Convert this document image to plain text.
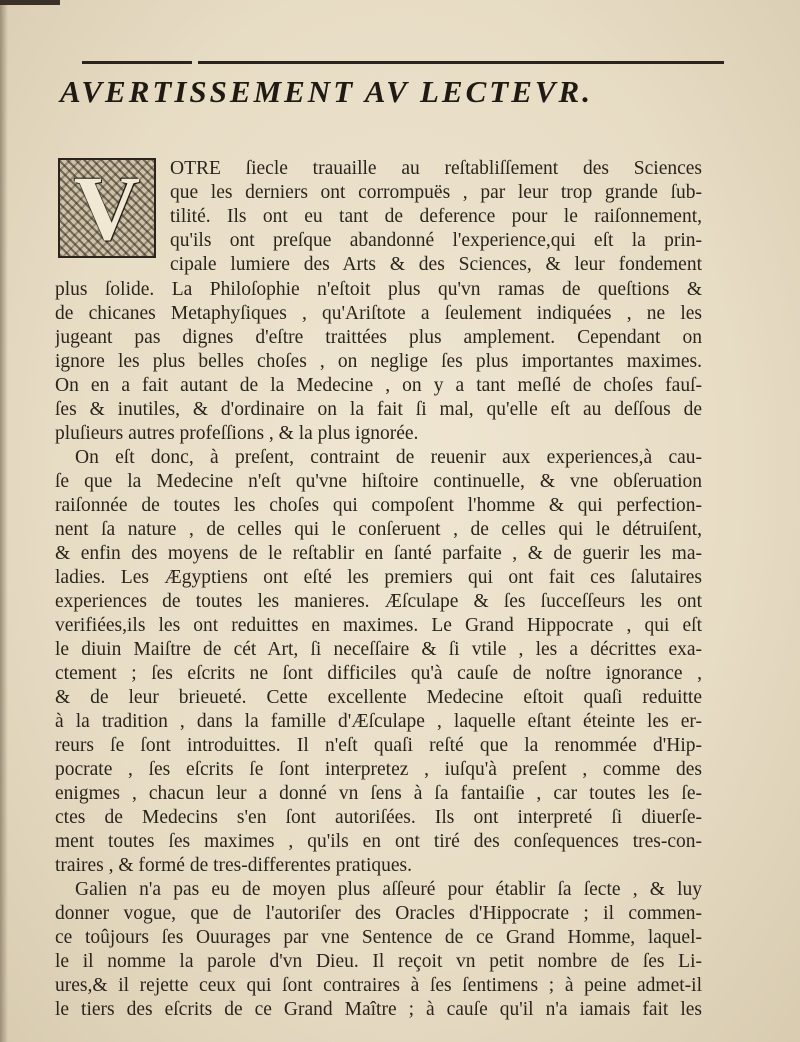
AVERTISSEMENT AV LECTEVR.
V	OTRE ſiecle trauaille au reſtabliſſement des Sciences
que les derniers ont corrompuës , par leur trop grande ſub-
tilité. Ils ont eu tant de deference pour le raiſonnement,
qu'ils ont preſque abandonné l'experience,qui eſt la prin-
cipale lumiere des Arts & des Sciences, & leur fondement
plus ſolide. La Philoſophie n'eſtoit plus qu'vn ramas de queſtions &
de chicanes Metaphyſiques , qu'Ariſtote a ſeulement indiquées , ne les
jugeant pas dignes d'eſtre traittées plus amplement. Cependant on
ignore les plus belles choſes , on neglige ſes plus importantes maximes.
On en a fait autant de la Medecine , on y a tant meſlé de choſes fauſ-
ſes & inutiles, & d'ordinaire on la fait ſi mal, qu'elle eſt au deſſous de
pluſieurs autres profeſſions , & la plus ignorée.
On eſt donc, à preſent, contraint de reuenir aux experiences,à cau-
ſe que la Medecine n'eſt qu'vne hiſtoire continuelle, & vne obſeruation
raiſonnée de toutes les choſes qui compoſent l'homme & qui perfection-
nent ſa nature , de celles qui le conſeruent , de celles qui le détruiſent,
& enfin des moyens de le reſtablir en ſanté parfaite , & de guerir les ma-
ladies. Les Ægyptiens ont eſté les premiers qui ont fait ces ſalutaires
experiences de toutes les manieres. Æſculape & ſes ſucceſſeurs les ont
verifiées,ils les ont reduittes en maximes. Le Grand Hippocrate , qui eſt
le diuin Maiſtre de cét Art, ſi neceſſaire & ſi vtile , les a décrittes exa-
ctement ; ſes eſcrits ne ſont difficiles qu'à cauſe de noſtre ignorance ,
& de leur brieueté. Cette excellente Medecine eſtoit quaſi reduitte
à la tradition , dans la famille d'Æſculape , laquelle eſtant éteinte les er-
reurs ſe ſont introduittes. Il n'eſt quaſi reſté que la renommée d'Hip-
pocrate , ſes eſcrits ſe ſont interpretez , iuſqu'à preſent , comme des
enigmes , chacun leur a donné vn ſens à ſa fantaiſie , car toutes les ſe-
ctes de Medecins s'en ſont autoriſées. Ils ont interpreté ſi diuerſe-
ment toutes ſes maximes , qu'ils en ont tiré des conſequences tres-con-
traires , & formé de tres-differentes pratiques.
Galien n'a pas eu de moyen plus aſſeuré pour établir ſa ſecte , & luy
donner vogue, que de l'autoriſer des Oracles d'Hippocrate ; il commen-
ce toûjours ſes Ouurages par vne Sentence de ce Grand Homme, laquel-
le il nomme la parole d'vn Dieu. Il reçoit vn petit nombre de ſes Li-
ures,& il rejette ceux qui ſont contraires à ſes ſentimens ; à peine admet-il
le tiers des eſcrits de ce Grand Maître ; à cauſe qu'il n'a iamais fait les
